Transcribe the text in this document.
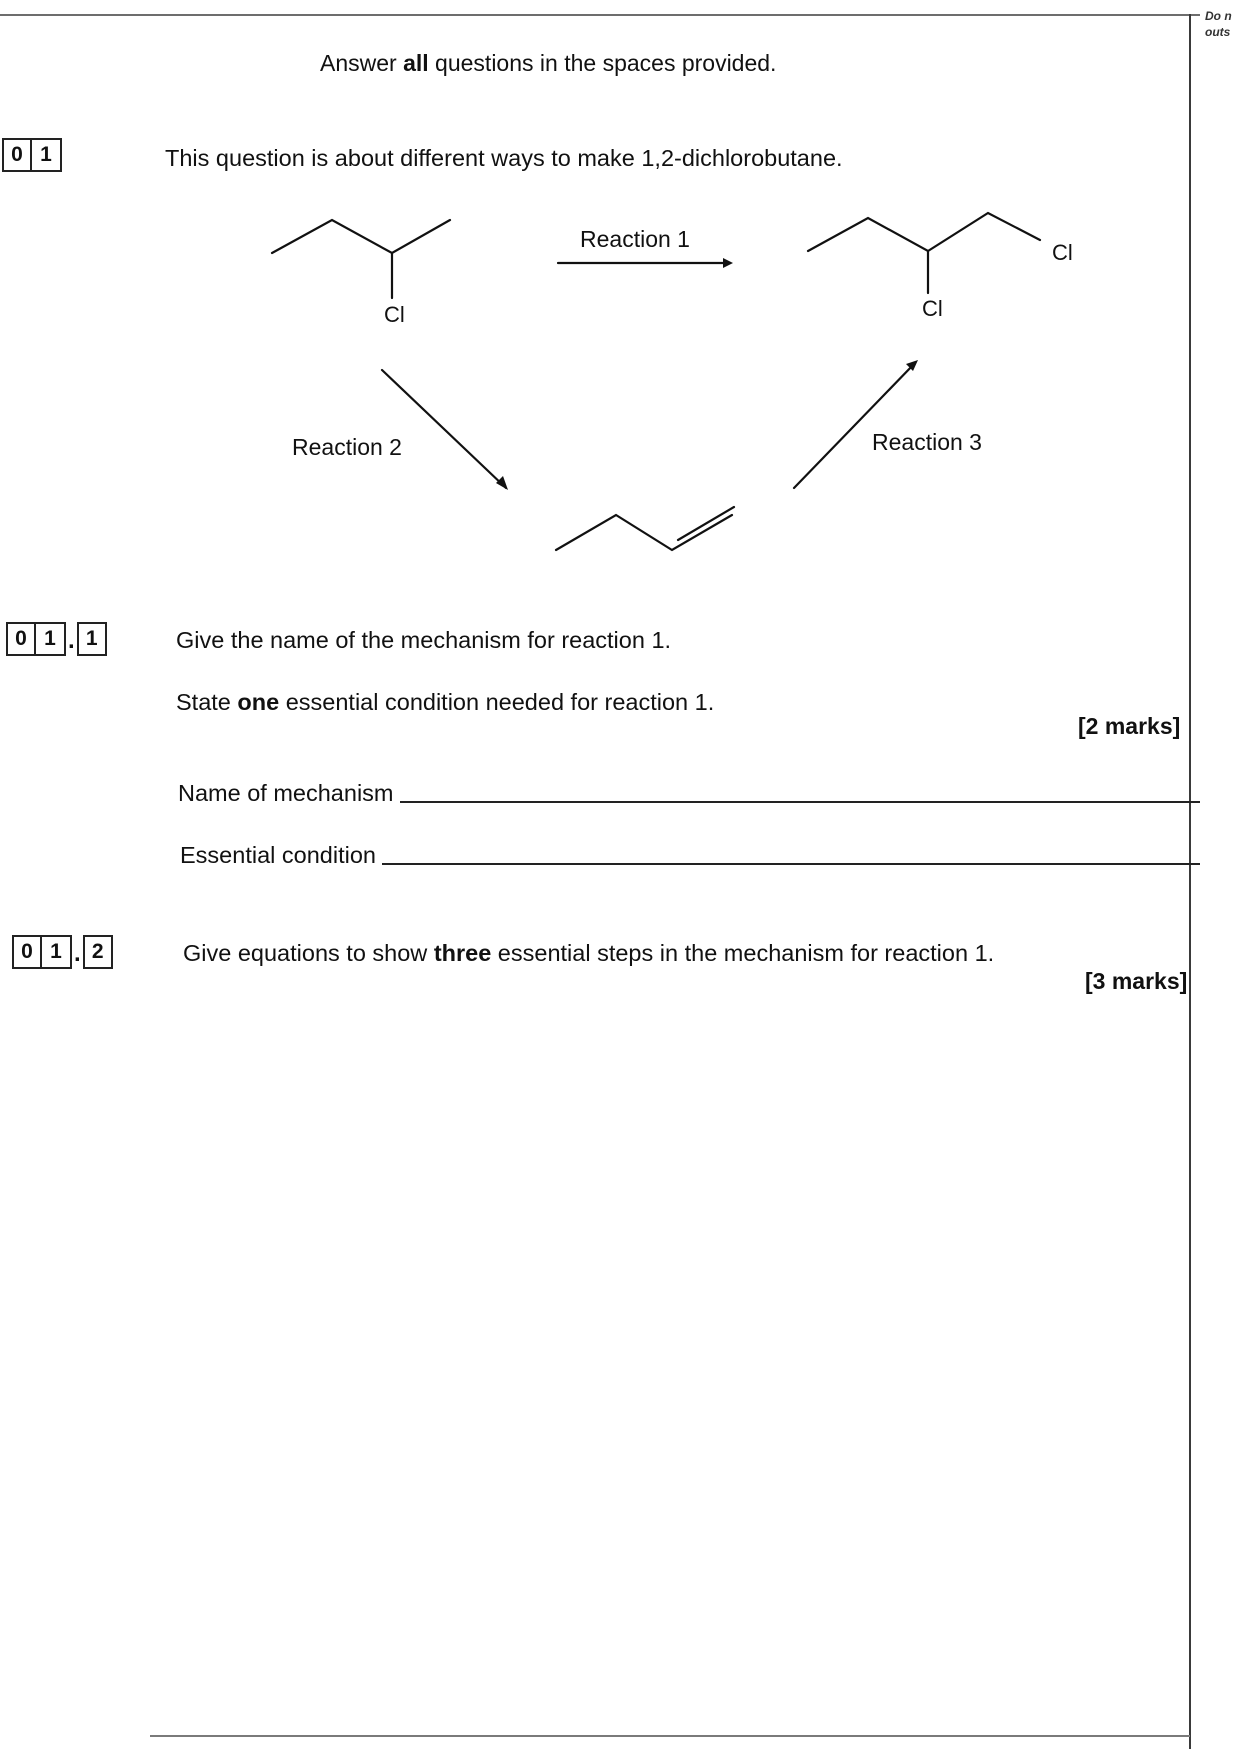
Do n
outs
Answer all questions in the spaces provided.
0 1	This question is about different ways to make 1,2-dichlorobutane.
Cl	Cl
Cl
Reaction 1
Reaction 2	Reaction 3
0 1 . 1	Give the name of the mechanism for reaction 1.
State one essential condition needed for reaction 1.
[2 marks]
Name of mechanism
Essential condition
0 1 . 2	Give equations to show three essential steps in the mechanism for reaction 1.
[3 marks]
